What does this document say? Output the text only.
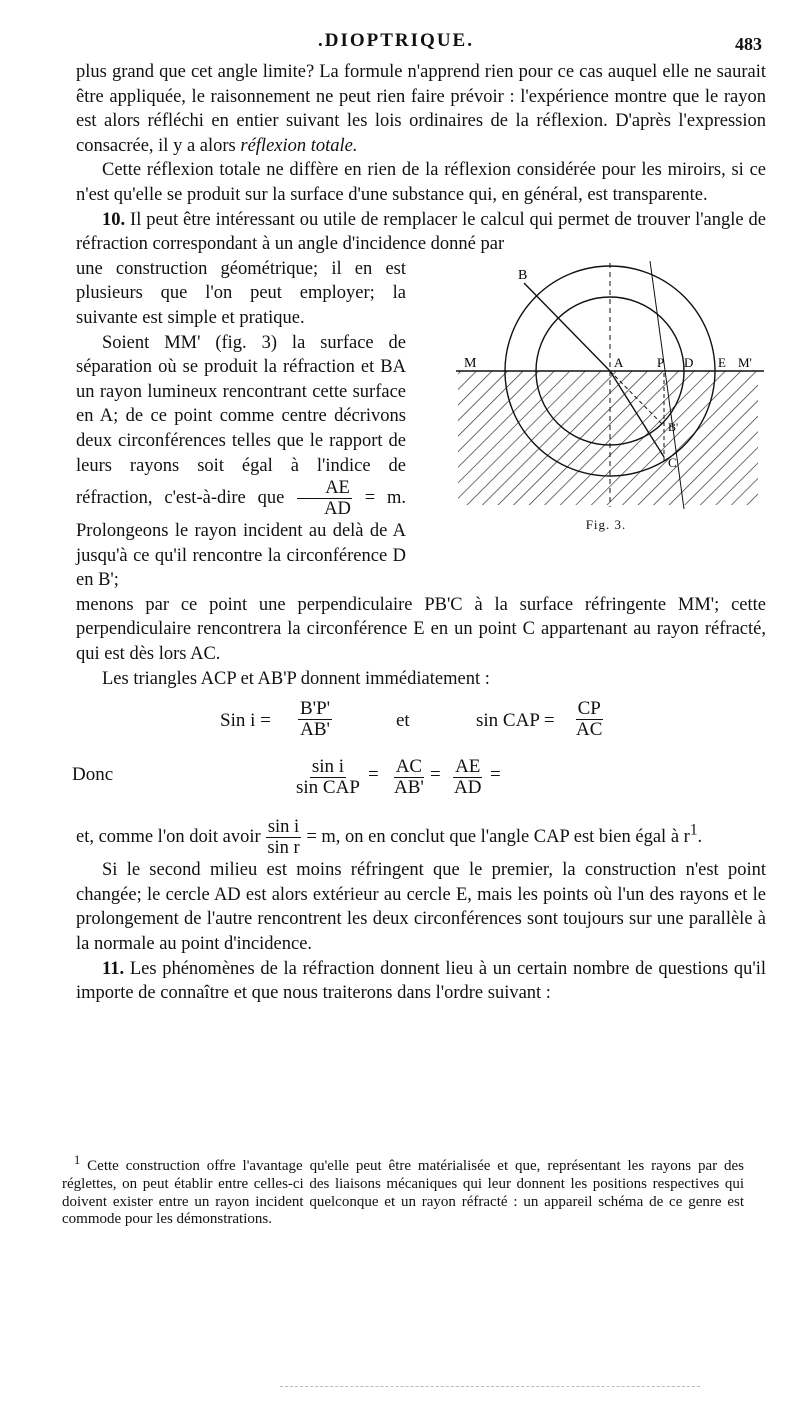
.DIOPTRIQUE.	483

plus grand que cet angle limite? La formule n'apprend rien pour ce cas auquel elle ne saurait être appliquée, le raisonnement ne peut rien faire prévoir : l'expérience montre que le rayon est alors réfléchi en entier suivant les lois ordinaires de la réflexion. D'après l'expression consacrée, il y a alors réflexion totale.

Cette réflexion totale ne diffère en rien de la réflexion considérée pour les miroirs, si ce n'est qu'elle se produit sur la surface d'une substance qui, en général, est transparente.

10. Il peut être intéressant ou utile de remplacer le calcul qui permet de trouver l'angle de réfraction correspondant à un angle d'incidence donné par

B
M	A	P D E M'
B'
C
Fig. 3.

une construction géométrique; il en est plusieurs que l'on peut employer; la suivante est simple et pratique.

Soient MM' (fig. 3) la surface de séparation où se produit la réfraction et BA un rayon lumineux rencontrant cette surface en A; de ce point comme centre décrivons deux circonférences telles que le rapport de leurs rayons soit égal à l'indice de réfraction, c'est-à-dire que $\frac{AE}{AD} = m$. Prolongeons le rayon incident au delà de A jusqu'à ce qu'il rencontre la circonférence D en B';

menons par ce point une perpendiculaire PB'C à la surface réfringente MM'; cette perpendiculaire rencontrera la circonférence E en un point C appartenant au rayon réfracté, qui est dès lors AC.

Les triangles ACP et AB'P donnent immédiatement :

Sin $i = \frac{B'P'}{AB'}$	et	sin CAP = $\frac{CP}{AC}$
Donc	sin i
sin CAP
= $\frac{AC}{AB'} = \frac{AE}{AD}$ =

et, comme l'on doit avoir $\frac{\text{sin i}}{\text{sin r}} = m$, on en conclut que l'angle CAP est bien égal à $r^1$.

Si le second milieu est moins réfringent que le premier, la construction n'est point changée; le cercle AD est alors extérieur au cercle E, mais les points où l'un des rayons et le prolongement de l'autre rencontrent les deux circonférences sont toujours sur une parallèle à la normale au point d'incidence.

11. Les phénomènes de la réfraction donnent lieu à un certain nombre de questions qu'il importe de connaître et que nous traiterons dans l'ordre suivant :

$^1$ Cette construction offre l'avantage qu'elle peut être matérialisée et que, représentant les rayons par des réglettes, on peut établir entre celles-ci des liaisons mécaniques qui leur donnent les positions respectives qui doivent exister entre un rayon incident quelconque et un rayon réfracté : un appareil schéma de ce genre est commode pour les démonstrations.
